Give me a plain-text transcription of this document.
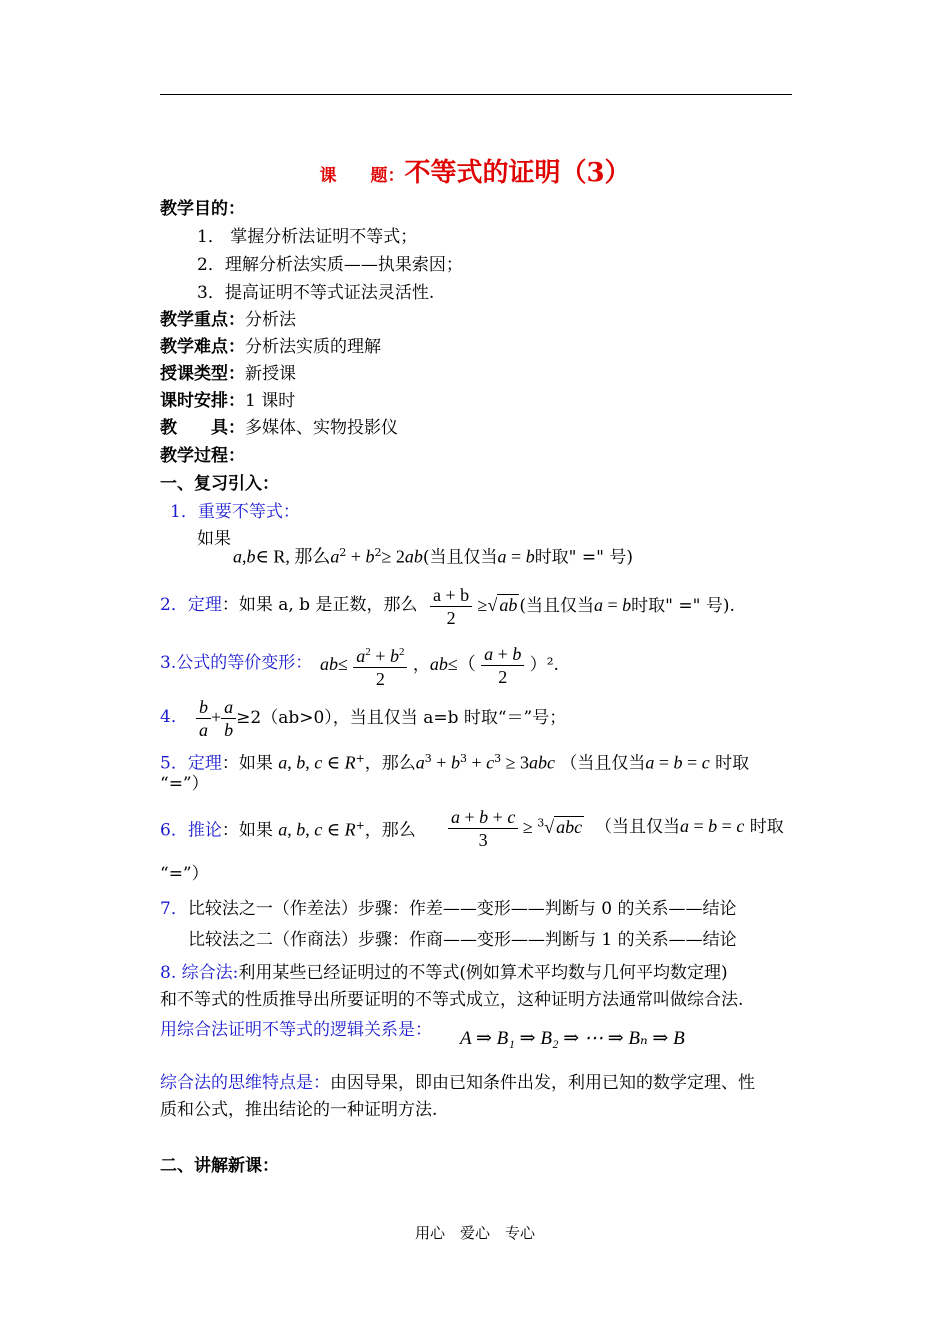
课　　题：不等式的证明（3）
教学目的：
1． 掌握分析法证明不等式；
2．理解分析法实质——执果索因；
3．提高证明不等式证法灵活性.
教学重点：分析法
教学难点：分析法实质的理解
授课类型：新授课
课时安排：1 课时
教　　具：多媒体、实物投影仪
教学过程：
一、复习引入：
1．重要不等式：
如果
a,b∈ R, 那么$a^2 + b^2\ge 2ab$(当且仅当a = b时取" =" 号)
2．定理：如果 a, b 是正数，那么 $\frac{a + b}{2}$ ≥√ ab (当且仅当a = b时取" =" 号).
3.公式的等价变形： $ab\le \frac{a^2 + b^2}{2}$ ，$ab\le( \frac{a + b}{2} )^2$.
4． $\frac{b}{a} + \frac{a}{b} \ge 2(ab>0)$，当且仅当 a=b 时取“＝”号；
5．定理：如果 a, b, c ∈ R+，那么$a^3 + b^3 + c^3 \ge 3abc$ （当且仅当a = b = c 时取
“=”）
6．推论：如果 a, b, c ∈ R+，那么 $\frac{a + b + c}{3} \ge ^3√$ abc （当且仅当a = b = c 时取
“=”）
7．比较法之一（作差法）步骤：作差——变形——判断与 0 的关系——结论
比较法之二（作商法）步骤：作商——变形——判断与 1 的关系——结论
8. 综合法:利用某些已经证明过的不等式(例如算术平均数与几何平均数定理)
和不等式的性质推导出所要证明的不等式成立，这种证明方法通常叫做综合法.
用综合法证明不等式的逻辑关系是： A ⇒ B₁ ⇒ B₂ ⇒ ⋯ ⇒ Bₙ ⇒ B
综合法的思维特点是：由因导果，即由已知条件出发，利用已知的数学定理、性
质和公式，推出结论的一种证明方法.
二、讲解新课：
用心　爱心　专心
